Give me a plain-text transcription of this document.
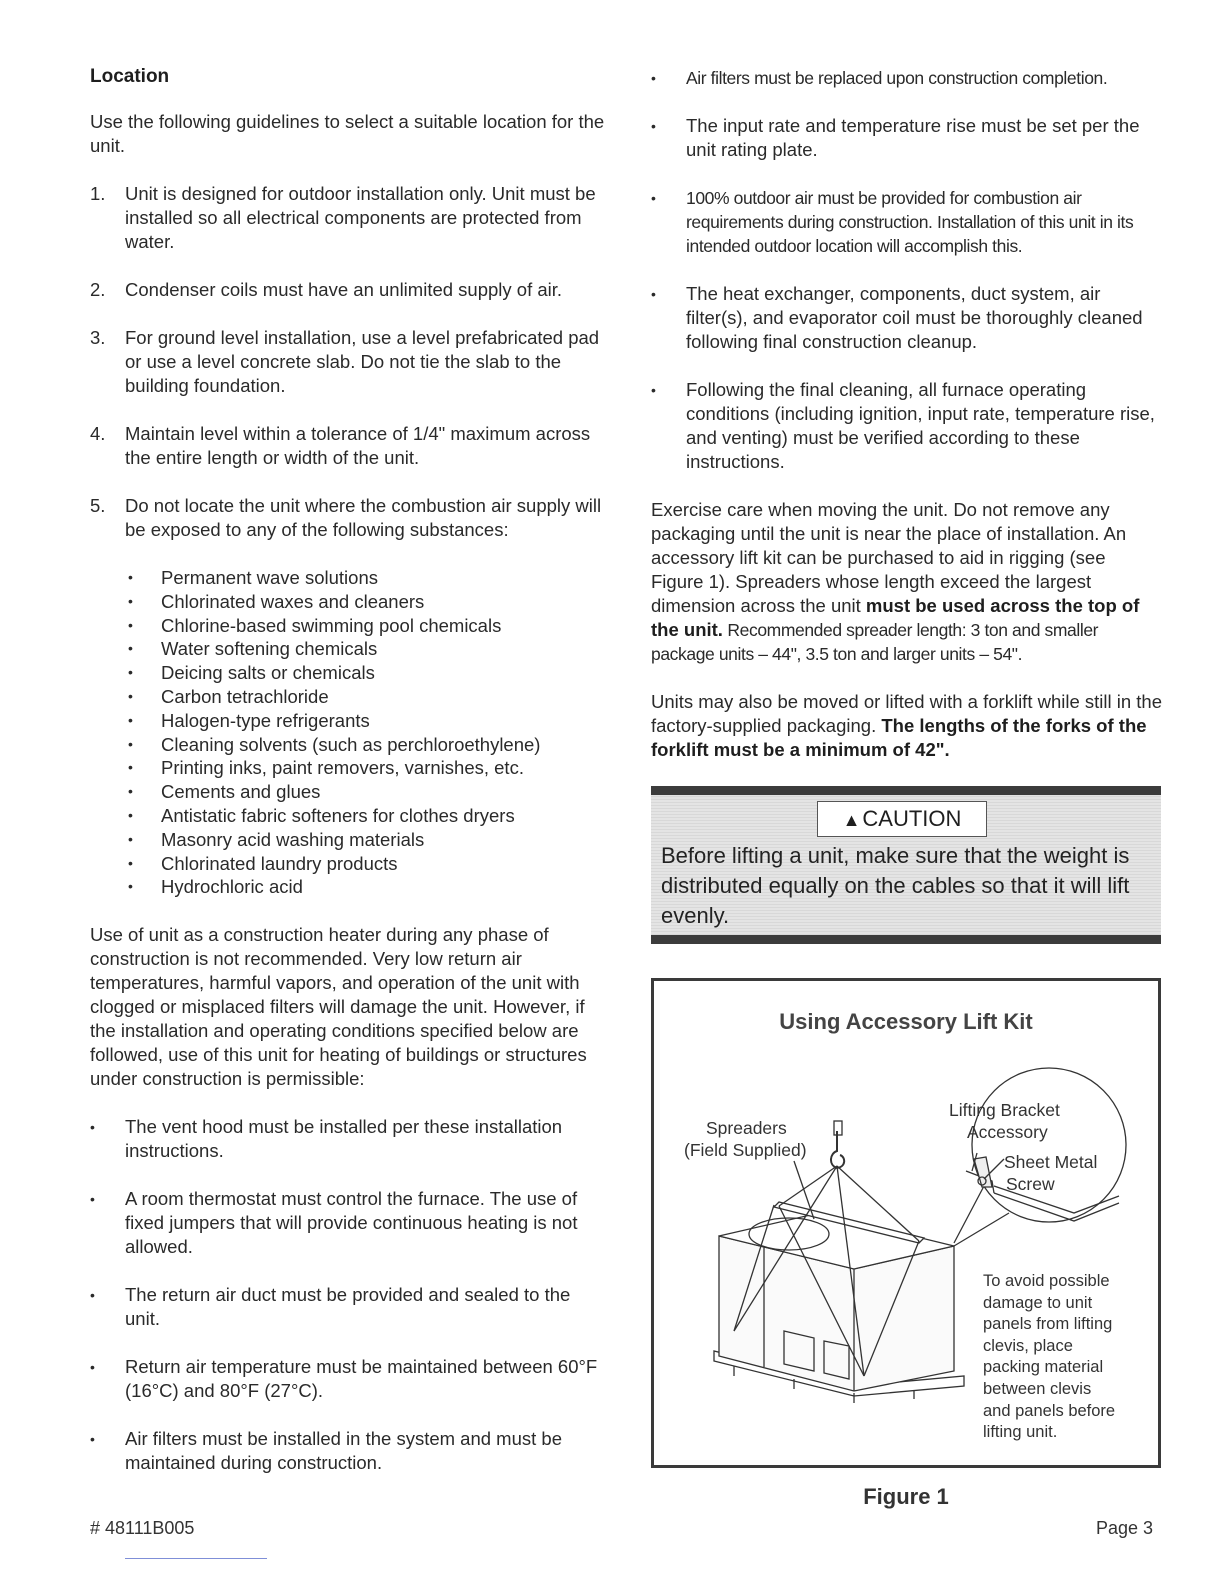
Location

Use the following guidelines to select a suitable location for the unit.

1. Unit is designed for outdoor installation only. Unit must be installed so all electrical components are protected from water.
2. Condenser coils must have an unlimited supply of air.
3. For ground level installation, use a level prefabricated pad or use a level concrete slab. Do not tie the slab to the building foundation.
4. Maintain level within a tolerance of 1/4" maximum across the entire length or width of the unit.
5. Do not locate the unit where the combustion air supply will be exposed to any of the following substances:
• Permanent wave solutions
• Chlorinated waxes and cleaners
• Chlorine-based swimming pool chemicals
• Water softening chemicals
• Deicing salts or chemicals
• Carbon tetrachloride
• Halogen-type refrigerants
• Cleaning solvents (such as perchloroethylene)
• Printing inks, paint removers, varnishes, etc.
• Cements and glues
• Antistatic fabric softeners for clothes dryers
• Masonry acid washing materials
• Chlorinated laundry products
• Hydrochloric acid

Use of unit as a construction heater during any phase of construction is not recommended. Very low return air temperatures, harmful vapors, and operation of the unit with clogged or misplaced filters will damage the unit. However, if the installation and operating conditions specified below are followed, use of this unit for heating of buildings or structures under construction is permissible:

• The vent hood must be installed per these installation instructions.
• A room thermostat must control the furnace. The use of fixed jumpers that will provide continuous heating is not allowed.
• The return air duct must be provided and sealed to the unit.
• Return air temperature must be maintained between 60°F (16°C) and 80°F (27°C).
• Air filters must be installed in the system and must be maintained during construction.
• Air filters must be replaced upon construction completion.
• The input rate and temperature rise must be set per the unit rating plate.
• 100% outdoor air must be provided for combustion air requirements during construction. Installation of this unit in its intended outdoor location will accomplish this.
• The heat exchanger, components, duct system, air filter(s), and evaporator coil must be thoroughly cleaned following final construction cleanup.
• Following the final cleaning, all furnace operating conditions (including ignition, input rate, temperature rise, and venting) must be verified according to these instructions.

Exercise care when moving the unit. Do not remove any packaging until the unit is near the place of installation. An accessory lift kit can be purchased to aid in rigging (see Figure 1). Spreaders whose length exceed the largest dimension across the unit must be used across the top of the unit. Recommended spreader length: 3 ton and smaller package units – 44", 3.5 ton and larger units – 54".

Units may also be moved or lifted with a forklift while still in the factory-supplied packaging. The lengths of the forks of the forklift must be a minimum of 42".

▲CAUTION
Before lifting a unit, make sure that the weight is distributed equally on the cables so that it will lift evenly.
Using Accessory Lift Kit
Spreaders
(Field Supplied)
Lifting Bracket
Accessory
Sheet Metal
Screw
To avoid possible
damage to unit
panels from lifting
clevis, place
packing material
between clevis
and panels before
lifting unit.
Figure 1
# 48111B005	Page 3
